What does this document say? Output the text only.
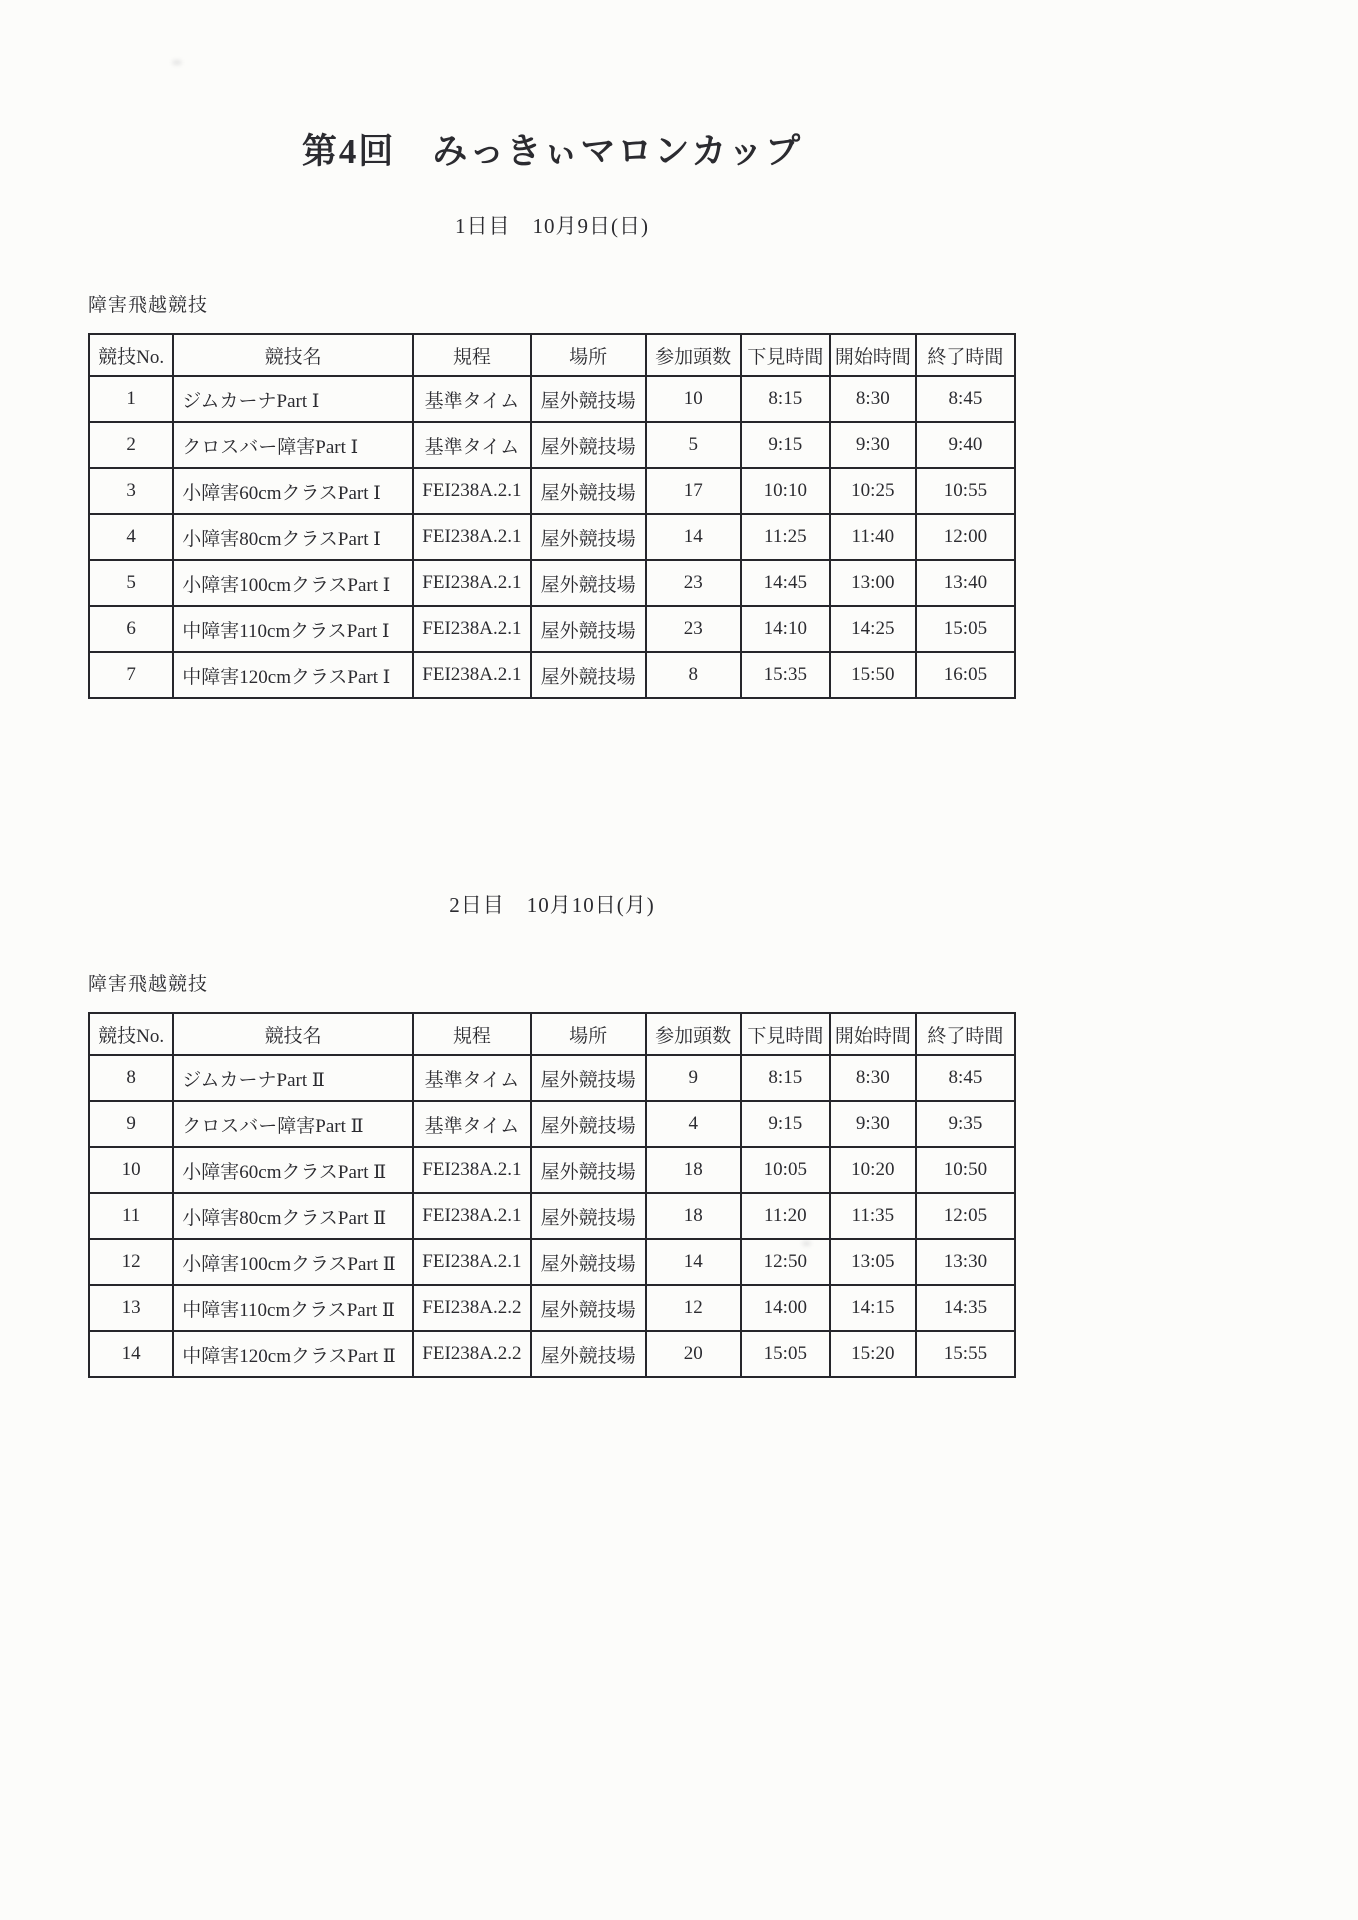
第4回　みっきぃマロンカップ
1日目　10月9日(日)
障害飛越競技
競技No.	競技名	規程	場所	参加頭数	下見時間	開始時間	終了時間
1	ジムカーナPart Ⅰ	基準タイム	屋外競技場	10	8:15	8:30	8:45
2	クロスバー障害Part Ⅰ	基準タイム	屋外競技場	5	9:15	9:30	9:40
3	小障害60cmクラスPart Ⅰ	FEI238A.2.1	屋外競技場	17	10:10	10:25	10:55
4	小障害80cmクラスPart Ⅰ	FEI238A.2.1	屋外競技場	14	11:25	11:40	12:00
5	小障害100cmクラスPart Ⅰ	FEI238A.2.1	屋外競技場	23	14:45	13:00	13:40
6	中障害110cmクラスPart Ⅰ	FEI238A.2.1	屋外競技場	23	14:10	14:25	15:05
7	中障害120cmクラスPart Ⅰ	FEI238A.2.1	屋外競技場	8	15:35	15:50	16:05
2日目　10月10日(月)
障害飛越競技
競技No.	競技名	規程	場所	参加頭数	下見時間	開始時間	終了時間
8	ジムカーナPart Ⅱ	基準タイム	屋外競技場	9	8:15	8:30	8:45
9	クロスバー障害Part Ⅱ	基準タイム	屋外競技場	4	9:15	9:30	9:35
10	小障害60cmクラスPart Ⅱ	FEI238A.2.1	屋外競技場	18	10:05	10:20	10:50
11	小障害80cmクラスPart Ⅱ	FEI238A.2.1	屋外競技場	18	11:20	11:35	12:05
12	小障害100cmクラスPart Ⅱ	FEI238A.2.1	屋外競技場	14	12:50	13:05	13:30
13	中障害110cmクラスPart Ⅱ	FEI238A.2.2	屋外競技場	12	14:00	14:15	14:35
14	中障害120cmクラスPart Ⅱ	FEI238A.2.2	屋外競技場	20	15:05	15:20	15:55
